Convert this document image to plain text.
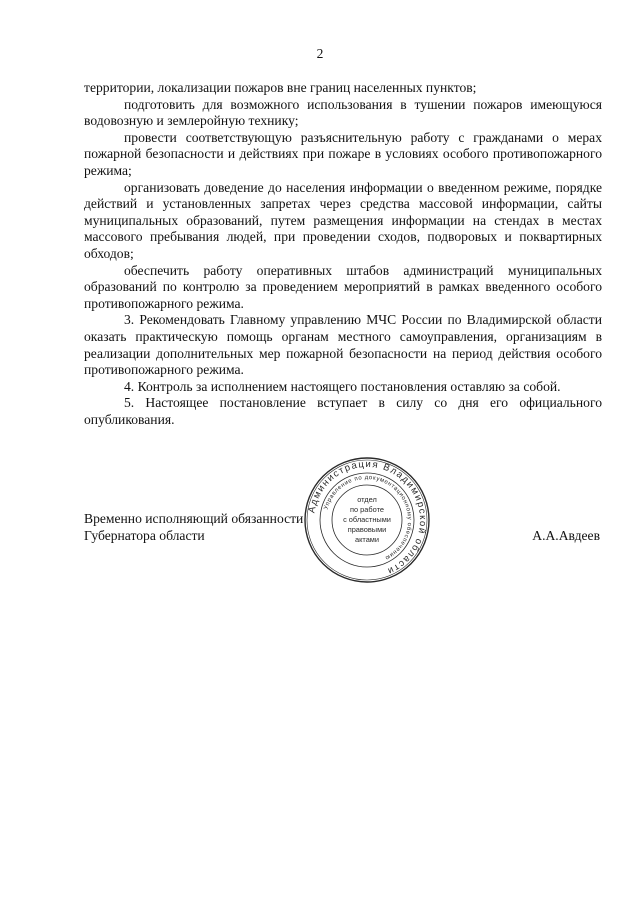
2

территории, локализации пожаров вне границ населенных пунктов;

подготовить для возможного использования в тушении пожаров имеющуюся водовозную и землеройную технику;

провести соответствующую разъяснительную работу с гражданами о мерах пожарной безопасности и действиях при пожаре в условиях особого противопожарного режима;

организовать доведение до населения информации о введенном режиме, порядке действий и установленных запретах через средства массовой информации, сайты муниципальных образований, путем размещения информации на стендах в местах массового пребывания людей, при проведении сходов, подворовых и поквартирных обходов;

обеспечить работу оперативных штабов администраций муниципальных образований по контролю за проведением мероприятий в рамках введенного особого противопожарного режима.

3. Рекомендовать Главному управлению МЧС России по Владимирской области оказать практическую помощь органам местного самоуправления, организациям в реализации дополнительных мер пожарной безопасности на период действия особого противопожарного режима.

4. Контроль за исполнением настоящего постановления оставляю за собой.

5. Настоящее постановление вступает в силу со дня его официального опубликования.

Временно исполняющий обязанности
Губернатора области	А.А.Авдеев
Администрация Владимирской области
Управление по документационному обеспечению
отдел
по работе
с областными
правовыми
актами
